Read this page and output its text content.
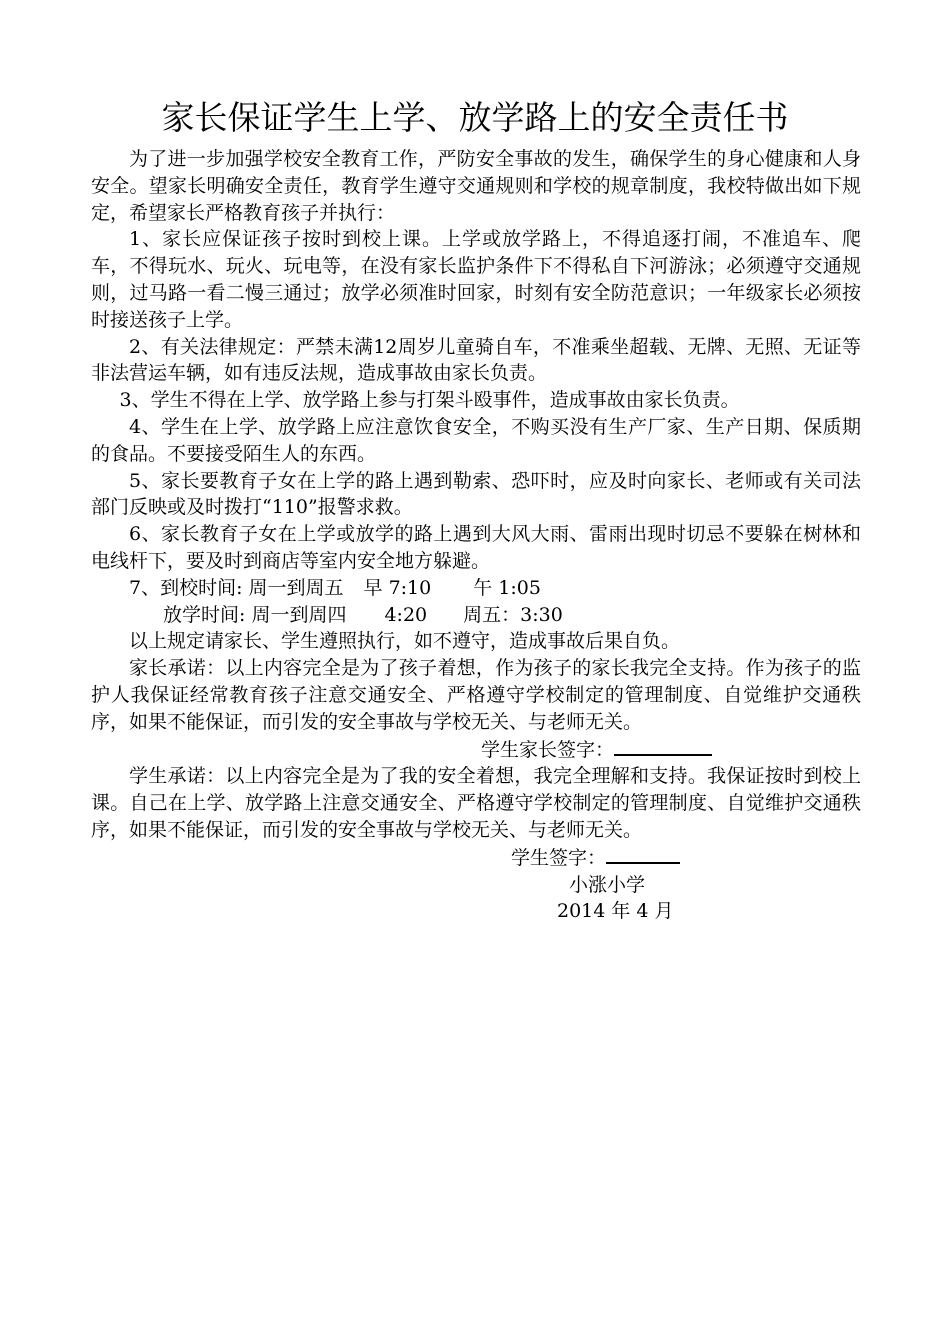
家长保证学生上学、放学路上的安全责任书

为了进一步加强学校安全教育工作，严防安全事故的发生，确保学生的身心健康和人身安全。望家长明确安全责任，教育学生遵守交通规则和学校的规章制度，我校特做出如下规定，希望家长严格教育孩子并执行：

1、家长应保证孩子按时到校上课。上学或放学路上，不得追逐打闹，不准追车、爬车，不得玩水、玩火、玩电等，在没有家长监护条件下不得私自下河游泳；必须遵守交通规则，过马路一看二慢三通过；放学必须准时回家，时刻有安全防范意识；一年级家长必须按时接送孩子上学。

2、有关法律规定：严禁未满12周岁儿童骑自车，不准乘坐超载、无牌、无照、无证等非法营运车辆，如有违反法规，造成事故由家长负责。

3、学生不得在上学、放学路上参与打架斗殴事件，造成事故由家长负责。

4、学生在上学、放学路上应注意饮食安全，不购买没有生产厂家、生产日期、保质期的食品。不要接受陌生人的东西。

5、家长要教育子女在上学的路上遇到勒索、恐吓时，应及时向家长、老师或有关司法部门反映或及时拨打“110”报警求救。

6、家长教育子女在上学或放学的路上遇到大风大雨、雷雨出现时切忌不要躲在树林和电线杆下，要及时到商店等室内安全地方躲避。

7、到校时间: 周一到周五 早 7:10 午 1:05

放学时间: 周一到周四 4:20 周五：3:30

以上规定请家长、学生遵照执行，如不遵守，造成事故后果自负。

家长承诺：以上内容完全是为了孩子着想，作为孩子的家长我完全支持。作为孩子的监护人我保证经常教育孩子注意交通安全、严格遵守学校制定的管理制度、自觉维护交通秩序，如果不能保证，而引发的安全事故与学校无关、与老师无关。

学生家长签字：

学生承诺：以上内容完全是为了我的安全着想，我完全理解和支持。我保证按时到校上课。自己在上学、放学路上注意交通安全、严格遵守学校制定的管理制度、自觉维护交通秩序，如果不能保证，而引发的安全事故与学校无关、与老师无关。

学生签字：

小涨小学

2014 年 4 月
